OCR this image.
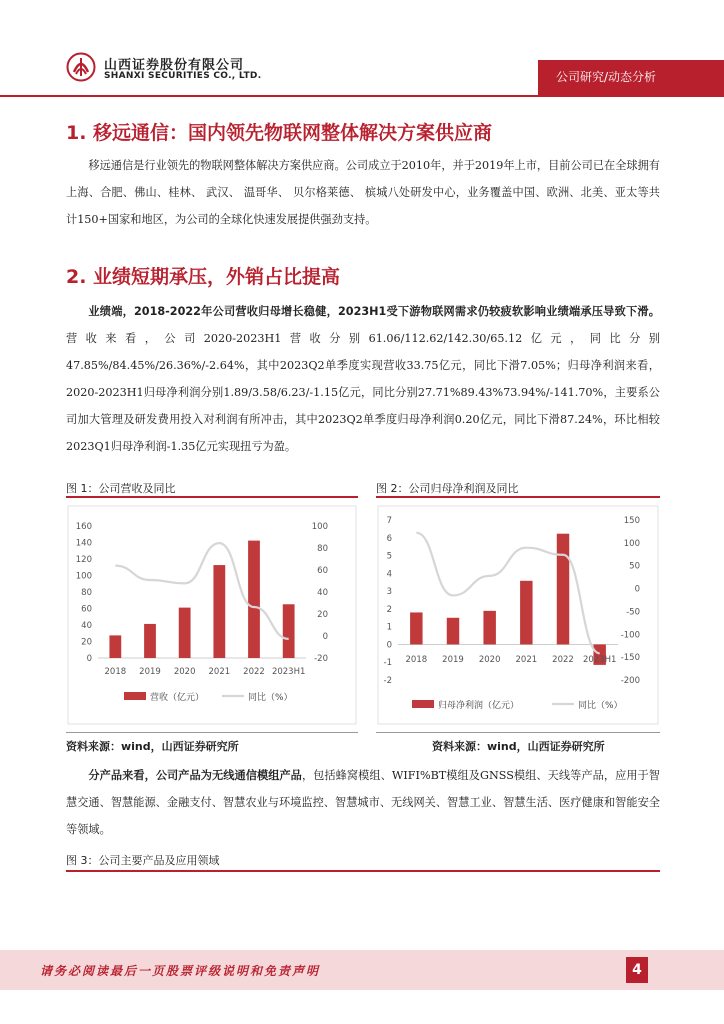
山西证券股份有限公司
SHANXI SECURITIES CO., LTD.	公司研究/动态分析
1. 移远通信：国内领先物联网整体解决方案供应商

移远通信是行业领先的物联网整体解决方案供应商。公司成立于2010年，并于2019年上市，目前公司已在全球拥有上海、合肥、佛山、桂林、 武汉、 温哥华、 贝尔格莱德、 槟城八处研发中心，业务覆盖中国、欧洲、北美、亚太等共计150+国家和地区，为公司的全球化快速发展提供强劲支持。

2. 业绩短期承压，外销占比提高

业绩端，2018-2022年公司营收归母增长稳健，2023H1受下游物联网需求仍较疲软影响业绩端承压导致下滑。营收来看，公司2020-2023H1营收分别61.06/112.62/142.30/65.12亿元，同比分别47.85%/84.45%/26.36%/-2.64%，其中2023Q2单季度实现营收33.75亿元，同比下滑7.05%；归母净利润来看，2020-2023H1归母净利润分别1.89/3.58/6.23/-1.15亿元，同比分别27.71%89.43%73.94%/-141.70%，主要系公司加大管理及研发费用投入对利润有所冲击，其中2023Q2单季度归母净利润0.20亿元，同比下滑87.24%，环比相较2023Q1归母净利润-1.35亿元实现扭亏为盈。

图 1：公司营收及同比
0
20
40
60
80
100
120
140
160
-20
0
20
40
60
80
100
2018 2019 2020 2021 2022 2023H1
营收（亿元）	同比（%）
资料来源：wind，山西证券研究所
图 2：公司归母净利润及同比
-2
-1
0
1
2
3
4
5
6
7
-200
-150
-100
-50
0
50
100
150
2018 2019 2020 2021 2022 2023H1
归母净利润（亿元）	同比（%）
资料来源：wind，山西证券研究所

分产品来看，公司产品为无线通信模组产品，包括蜂窝模组、WIFI%BT模组及GNSS模组、天线等产品，应用于智慧交通、智慧能源、金融支付、智慧农业与环境监控、智慧城市、无线网关、智慧工业、智慧生活、医疗健康和智能安全等领域。

图 3：公司主要产品及应用领域
请务必阅读最后一页股票评级说明和免责声明	4
